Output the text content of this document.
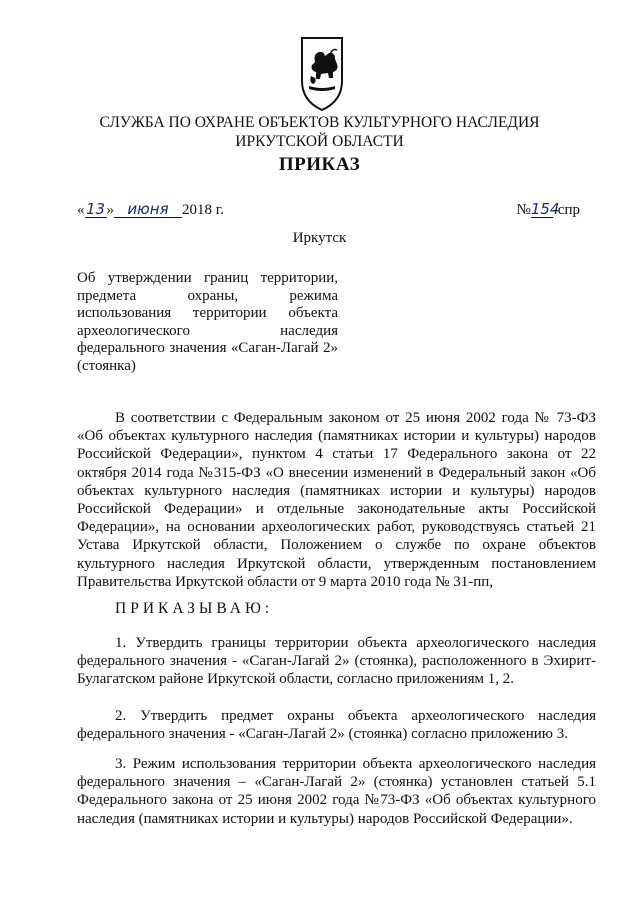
СЛУЖБА ПО ОХРАНЕ ОБЪЕКТОВ КУЛЬТУРНОГО НАСЛЕДИЯ
ИРКУТСКОЙ ОБЛАСТИ
ПРИКАЗ
«13» июня 2018 г.	№154-спр
Иркутск
Об утверждении границ территории, предмета охраны, режима использования территории объекта археологического наследия федерального значения «Саган-Лагай 2» (стоянка)

В соответствии с Федеральным законом от 25 июня 2002 года № 73-ФЗ «Об объектах культурного наследия (памятниках истории и культуры) народов Российской Федерации», пунктом 4 статьи 17 Федерального закона от 22 октября 2014 года №315-ФЗ «О внесении изменений в Федеральный закон «Об объектах культурного наследия (памятниках истории и культуры) народов Российской Федерации» и отдельные законодательные акты Российской Федерации», на основании археологических работ, руководствуясь статьей 21 Устава Иркутской области, Положением о службе по охране объектов культурного наследия Иркутской области, утвержденным постановлением Правительства Иркутской области от 9 марта 2010 года № 31-пп,

ПРИКАЗЫВАЮ:

1. Утвердить границы территории объекта археологического наследия федерального значения - «Саган-Лагай 2» (стоянка), расположенного в Эхирит-Булагатском районе Иркутской области, согласно приложениям 1, 2.

2. Утвердить предмет охраны объекта археологического наследия федерального значения - «Саган-Лагай 2» (стоянка) согласно приложению 3.

3. Режим использования территории объекта археологического наследия федерального значения – «Саган-Лагай 2» (стоянка) установлен статьей 5.1 Федерального закона от 25 июня 2002 года №73-ФЗ «Об объектах культурного наследия (памятниках истории и культуры) народов Российской Федерации».
